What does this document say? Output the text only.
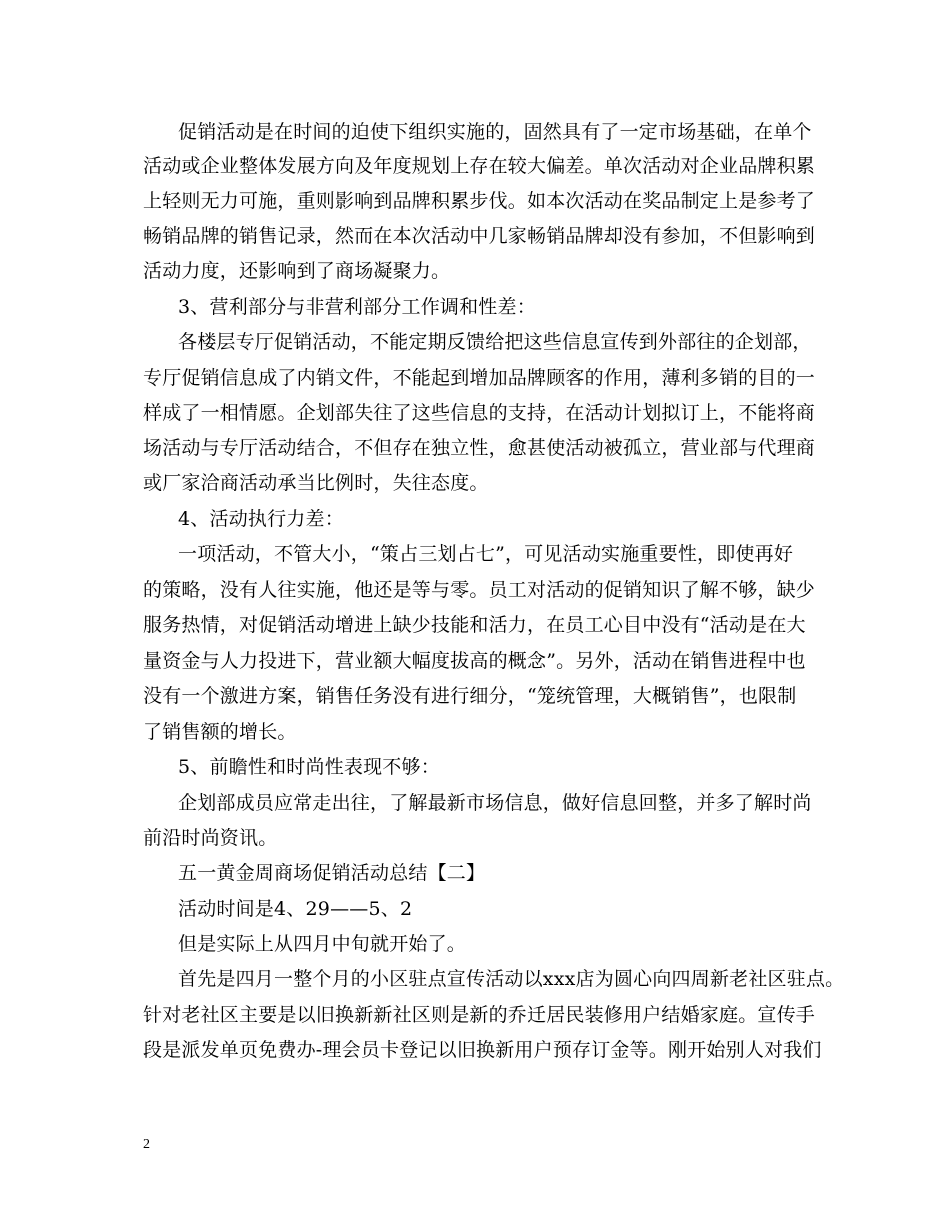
促销活动是在时间的迫使下组织实施的，固然具有了一定市场基础，在单个
活动或企业整体发展方向及年度规划上存在较大偏差。单次活动对企业品牌积累
上轻则无力可施，重则影响到品牌积累步伐。如本次活动在奖品制定上是参考了
畅销品牌的销售记录，然而在本次活动中几家畅销品牌却没有参加，不但影响到
活动力度，还影响到了商场凝聚力。
3、营利部分与非营利部分工作调和性差：
各楼层专厅促销活动，不能定期反馈给把这些信息宣传到外部往的企划部，
专厅促销信息成了内销文件，不能起到增加品牌顾客的作用，薄利多销的目的一
样成了一相情愿。企划部失往了这些信息的支持，在活动计划拟订上，不能将商
场活动与专厅活动结合，不但存在独立性，愈甚使活动被孤立，营业部与代理商
或厂家洽商活动承当比例时，失往态度。
4、活动执行力差：
一项活动，不管大小，“策占三划占七”，可见活动实施重要性，即使再好
的策略，没有人往实施，他还是等与零。员工对活动的促销知识了解不够，缺少
服务热情，对促销活动增进上缺少技能和活力，在员工心目中没有“活动是在大
量资金与人力投进下，营业额大幅度拔高的概念”。另外，活动在销售进程中也
没有一个激进方案，销售任务没有进行细分，“笼统管理，大概销售”，也限制
了销售额的增长。
5、前瞻性和时尚性表现不够：
企划部成员应常走出往，了解最新市场信息，做好信息回整，并多了解时尚
前沿时尚资讯。
五一黄金周商场促销活动总结【二】
活动时间是4、29——5、2
但是实际上从四月中旬就开始了。
首先是四月一整个月的小区驻点宣传活动以xxx店为圆心向四周新老社区驻点。
针对老社区主要是以旧换新新社区则是新的乔迁居民装修用户结婚家庭。宣传手
段是派发单页免费办-理会员卡登记以旧换新用户预存订金等。刚开始别人对我们
2
